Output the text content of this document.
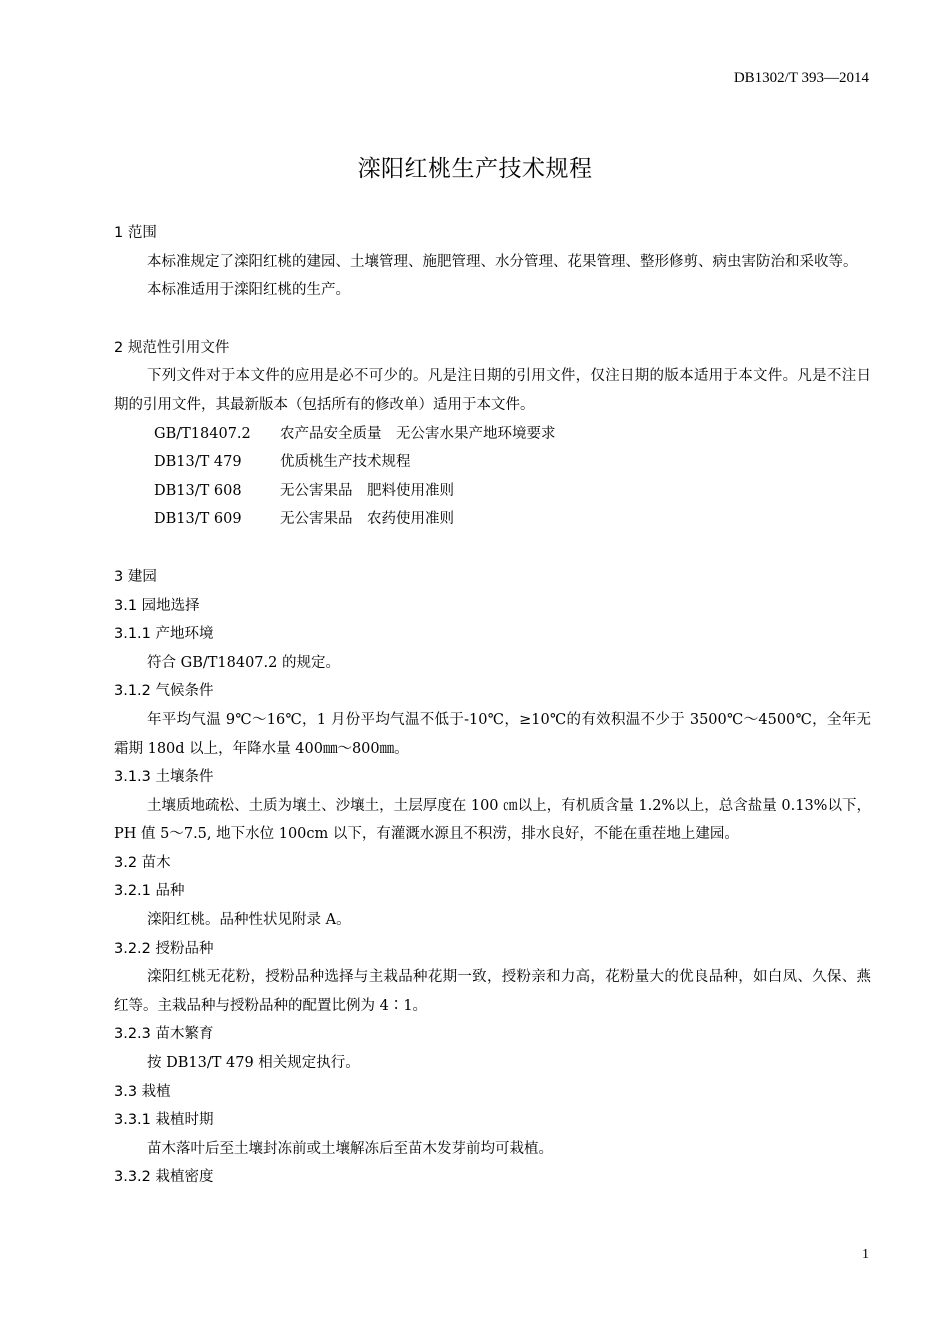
DB1302/T 393—2014
滦阳红桃生产技术规程
1 范围
本标准规定了滦阳红桃的建园、土壤管理、施肥管理、水分管理、花果管理、整形修剪、病虫害防治和采收等。
本标准适用于滦阳红桃的生产。
2 规范性引用文件
下列文件对于本文件的应用是必不可少的。凡是注日期的引用文件，仅注日期的版本适用于本文件。凡是不注日期的引用文件，其最新版本（包括所有的修改单）适用于本文件。
GB/T18407.2 农产品安全质量　无公害水果产地环境要求
DB13/T 479	优质桃生产技术规程
DB13/T 608	无公害果品　肥料使用准则
DB13/T 609	无公害果品　农药使用准则
3 建园
3.1 园地选择
3.1.1 产地环境
符合 GB/T18407.2 的规定。
3.1.2 气候条件
年平均气温 9℃～16℃，1 月份平均气温不低于-10℃，≥10℃的有效积温不少于 3500℃～4500℃，全年无霜期 180d 以上，年降水量 400㎜～800㎜。
3.1.3 土壤条件
土壤质地疏松、土质为壤土、沙壤土，土层厚度在 100 ㎝以上，有机质含量 1.2%以上，总含盐量 0.13%以下，PH 值 5～7.5, 地下水位 100cm 以下，有灌溉水源且不积涝，排水良好，不能在重茬地上建园。
3.2 苗木
3.2.1 品种
滦阳红桃。品种性状见附录 A。
3.2.2 授粉品种
滦阳红桃无花粉，授粉品种选择与主栽品种花期一致，授粉亲和力高，花粉量大的优良品种，如白凤、久保、燕红等。主栽品种与授粉品种的配置比例为 4∶1。
3.2.3 苗木繁育
按 DB13/T 479 相关规定执行。
3.3 栽植
3.3.1 栽植时期
苗木落叶后至土壤封冻前或土壤解冻后至苗木发芽前均可栽植。
3.3.2 栽植密度
1
